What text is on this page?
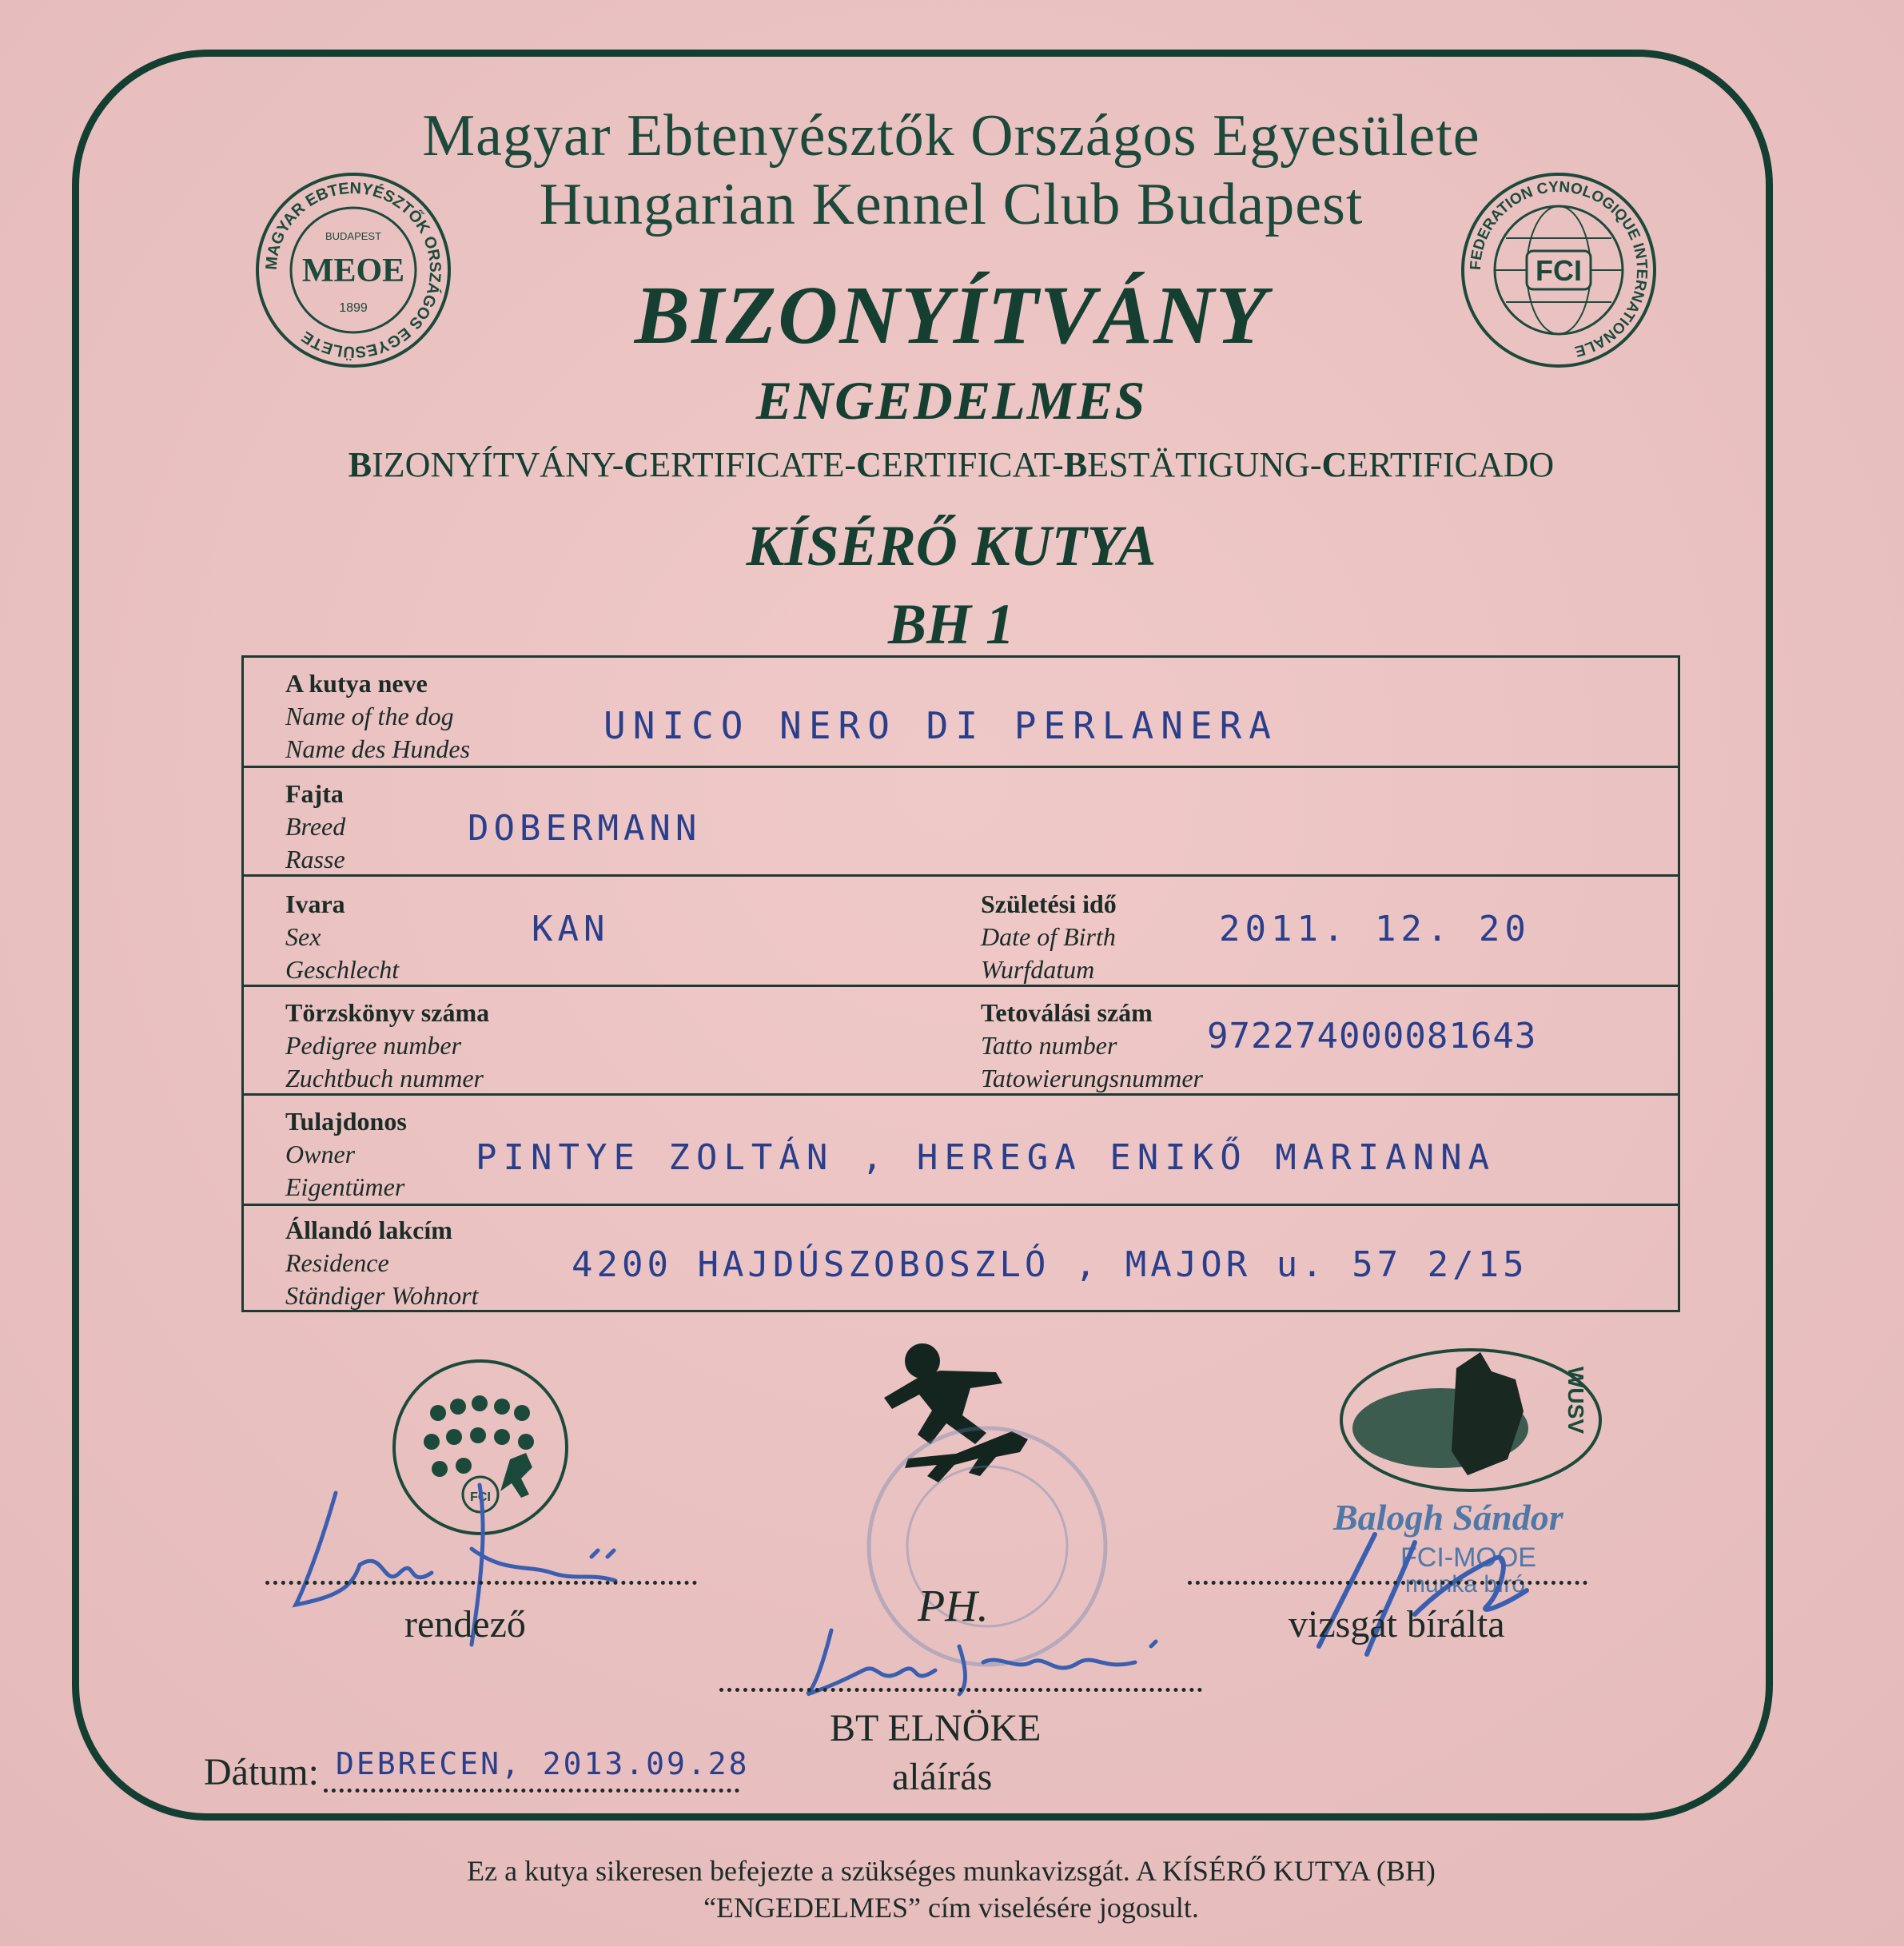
Magyar Ebtenyésztők Országos Egyesülete
Hungarian Kennel Club Budapest
BIZONYÍTVÁNY
ENGEDELMES
BIZONYÍTVÁNY-CERTIFICATE-CERTIFICAT-BESTÄTIGUNG-CERTIFICADO
KÍSÉRŐ KUTYA
BH 1
MAGYAR EBTENYÉSZTŐK ORSZÁGOS EGYESÜLETE
BUDAPEST
MEOE
1899
FEDERATION CYNOLOGIQUE INTERNATIONALE
FCI
A kutya neve
Name of the dog
Name des Hundes
UNICO NERO DI PERLANERA
Fajta
Breed
Rasse
DOBERMANN
Ivara
Sex
Geschlecht
KAN
Születési idő
Date of Birth
Wurfdatum
2011. 12. 20
Törzskönyv száma
Pedigree number
Zuchtbuch nummer
Tetoválási szám
Tatto number
Tatowierungsnummer
972274000081643
Tulajdonos
Owner
Eigentümer
PINTYE ZOLTÁN , HEREGA ENIKŐ MARIANNA
Állandó lakcím
Residence
Ständiger Wohnort
4200 HAJDÚSZOBOSZLÓ , MAJOR u. 57 2/15
FCI
WUSV
Balogh Sándor
FCI-MOOE
munka bíró
rendező	PH.	vizsgát bírálta
BT ELNÖKE
aláírás
Dátum: DEBRECEN, 2013.09.28
Ez a kutya sikeresen befejezte a szükséges munkavizsgát. A KÍSÉRŐ KUTYA (BH)
“ENGEDELMES” cím viselésére jogosult.
